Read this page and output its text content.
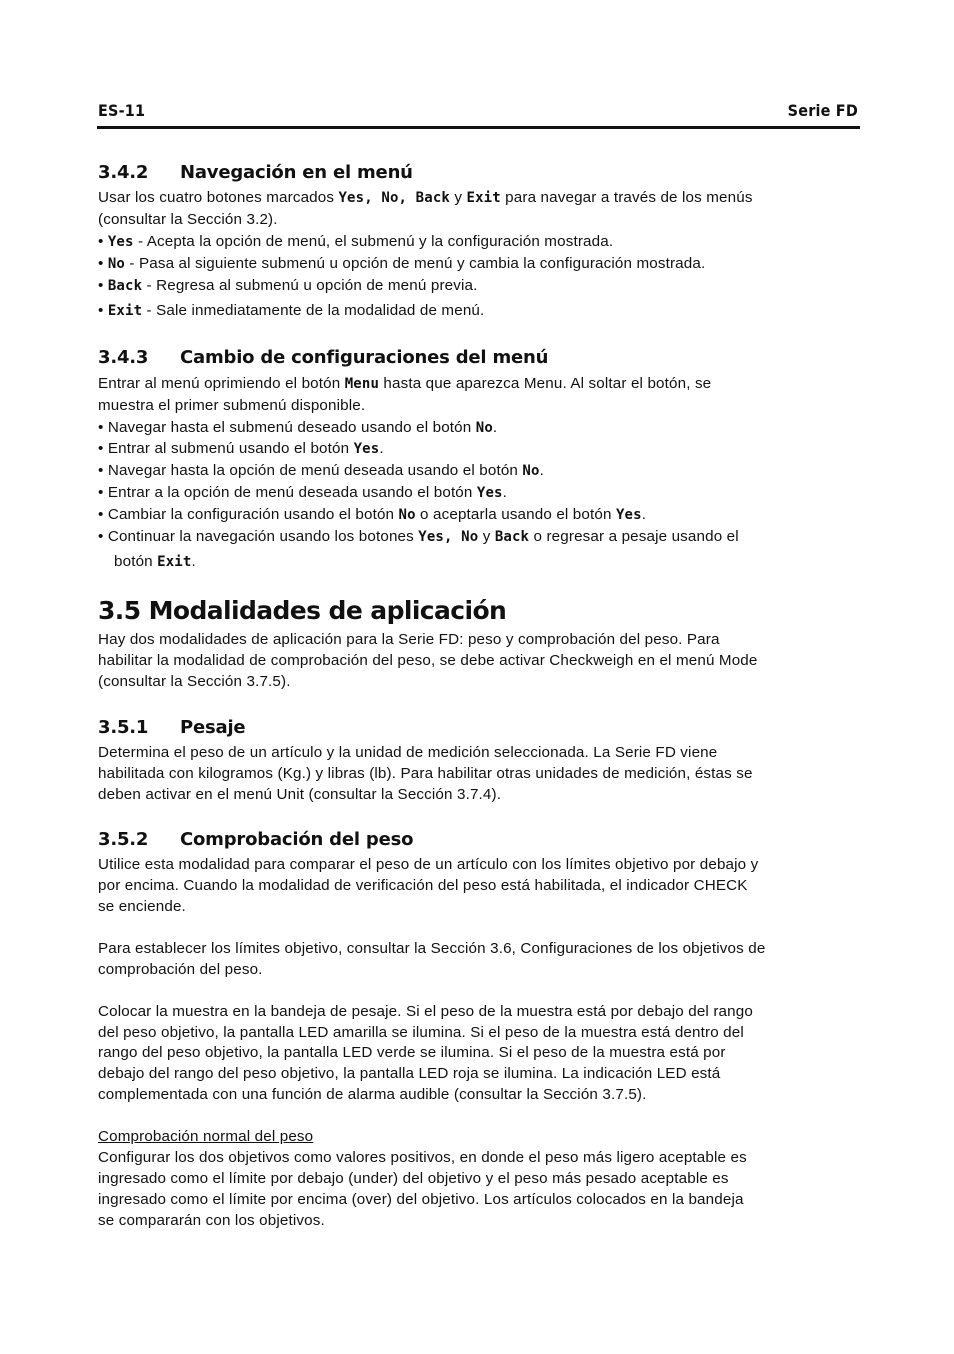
ES-11	Serie FD
3.4.2 Navegación en el menú
Usar los cuatro botones marcados Yes, No, Back y Exit para navegar a través de los menús
(consultar la Sección 3.2).
• Yes - Acepta la opción de menú, el submenú y la configuración mostrada.
• No - Pasa al siguiente submenú u opción de menú y cambia la configuración mostrada.
• Back - Regresa al submenú u opción de menú previa.
• Exit - Sale inmediatamente de la modalidad de menú.
3.4.3 Cambio de configuraciones del menú
Entrar al menú oprimiendo el botón Menu hasta que aparezca Menu. Al soltar el botón, se
muestra el primer submenú disponible.
• Navegar hasta el submenú deseado usando el botón No.
• Entrar al submenú usando el botón Yes.
• Navegar hasta la opción de menú deseada usando el botón No.
• Entrar a la opción de menú deseada usando el botón Yes.
• Cambiar la configuración usando el botón No o aceptarla usando el botón Yes.
• Continuar la navegación usando los botones Yes, No y Back o regresar a pesaje usando el
botón Exit.
3.5 Modalidades de aplicación
Hay dos modalidades de aplicación para la Serie FD: peso y comprobación del peso. Para
habilitar la modalidad de comprobación del peso, se debe activar Checkweigh en el menú Mode
(consultar la Sección 3.7.5).
3.5.1 Pesaje
Determina el peso de un artículo y la unidad de medición seleccionada. La Serie FD viene
habilitada con kilogramos (Kg.) y libras (lb). Para habilitar otras unidades de medición, éstas se
deben activar en el menú Unit (consultar la Sección 3.7.4).
3.5.2 Comprobación del peso
Utilice esta modalidad para comparar el peso de un artículo con los límites objetivo por debajo y
por encima. Cuando la modalidad de verificación del peso está habilitada, el indicador CHECK
se enciende.
Para establecer los límites objetivo, consultar la Sección 3.6, Configuraciones de los objetivos de
comprobación del peso.
Colocar la muestra en la bandeja de pesaje. Si el peso de la muestra está por debajo del rango
del peso objetivo, la pantalla LED amarilla se ilumina. Si el peso de la muestra está dentro del
rango del peso objetivo, la pantalla LED verde se ilumina. Si el peso de la muestra está por
debajo del rango del peso objetivo, la pantalla LED roja se ilumina. La indicación LED está
complementada con una función de alarma audible (consultar la Sección 3.7.5).
Comprobación normal del peso
Configurar los dos objetivos como valores positivos, en donde el peso más ligero aceptable es
ingresado como el límite por debajo (under) del objetivo y el peso más pesado aceptable es
ingresado como el límite por encima (over) del objetivo. Los artículos colocados en la bandeja
se compararán con los objetivos.
